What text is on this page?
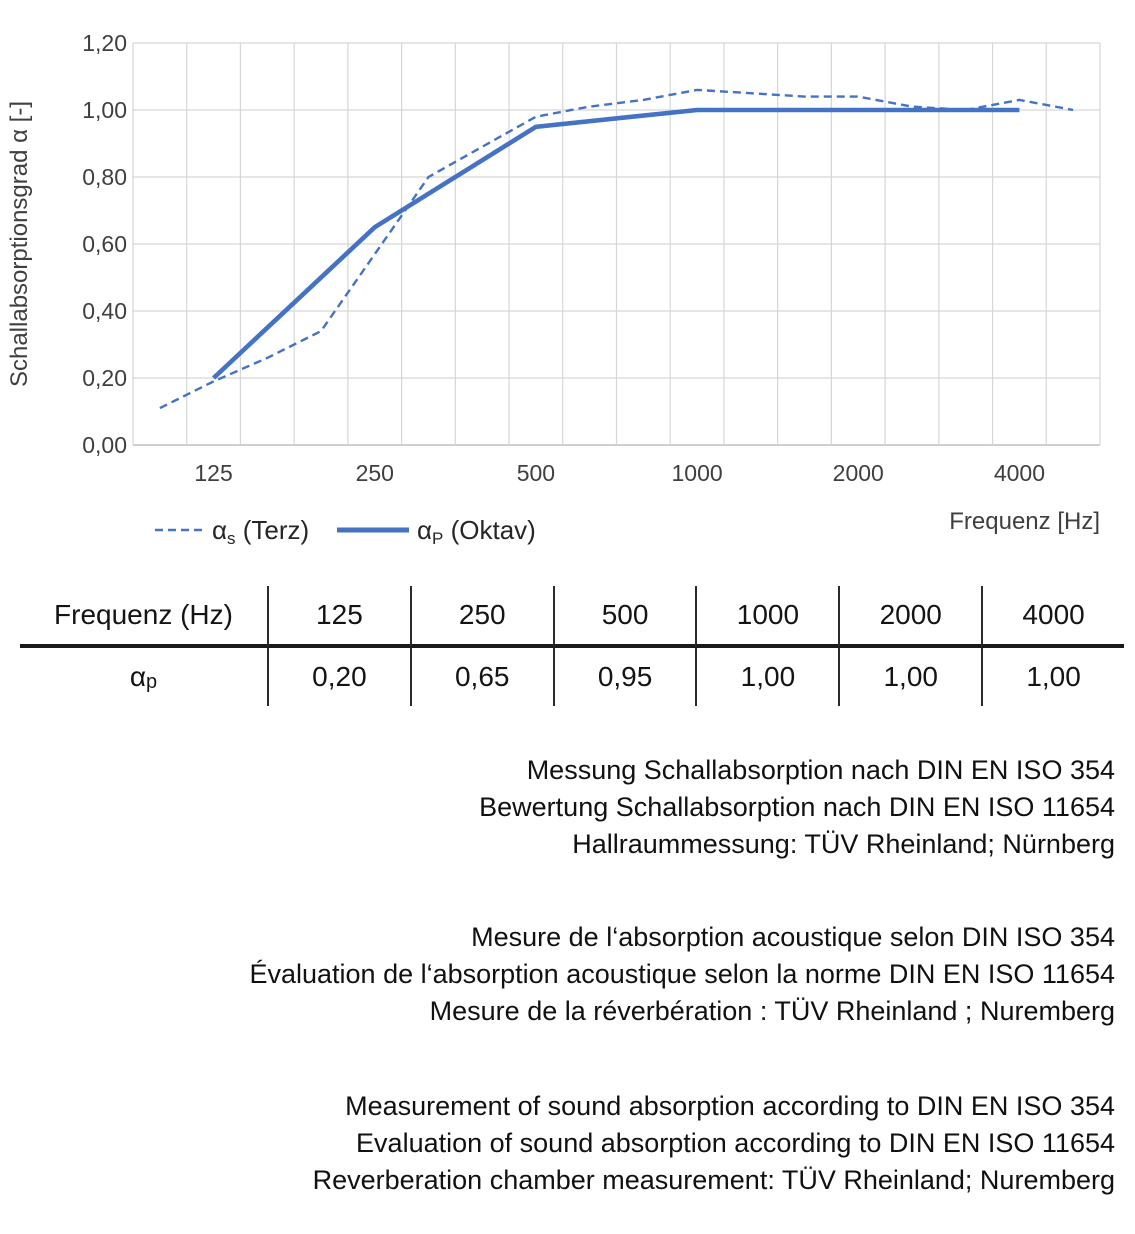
0,00
0,20
0,40
0,60
0,80
1,00
1,20
125	250	500	1000	2000	4000
Schallabsorptionsgrad α [-]
Frequenz [Hz]
αs (Terz)	αP (Oktav)
Frequenz (Hz)	125	250	500	1000	2000	4000
α p	0,20	0,65	0,95	1,00	1,00	1,00
Messung Schallabsorption nach DIN EN ISO 354
Bewertung Schallabsorption nach DIN EN ISO 11654
Hallraummessung: TÜV Rheinland; Nürnberg
Mesure de l‘absorption acoustique selon DIN ISO 354
Évaluation de l‘absorption acoustique selon la norme DIN EN ISO 11654
Mesure de la réverbération : TÜV Rheinland ; Nuremberg
Measurement of sound absorption according to DIN EN ISO 354
Evaluation of sound absorption according to DIN EN ISO 11654
Reverberation chamber measurement: TÜV Rheinland; Nuremberg
